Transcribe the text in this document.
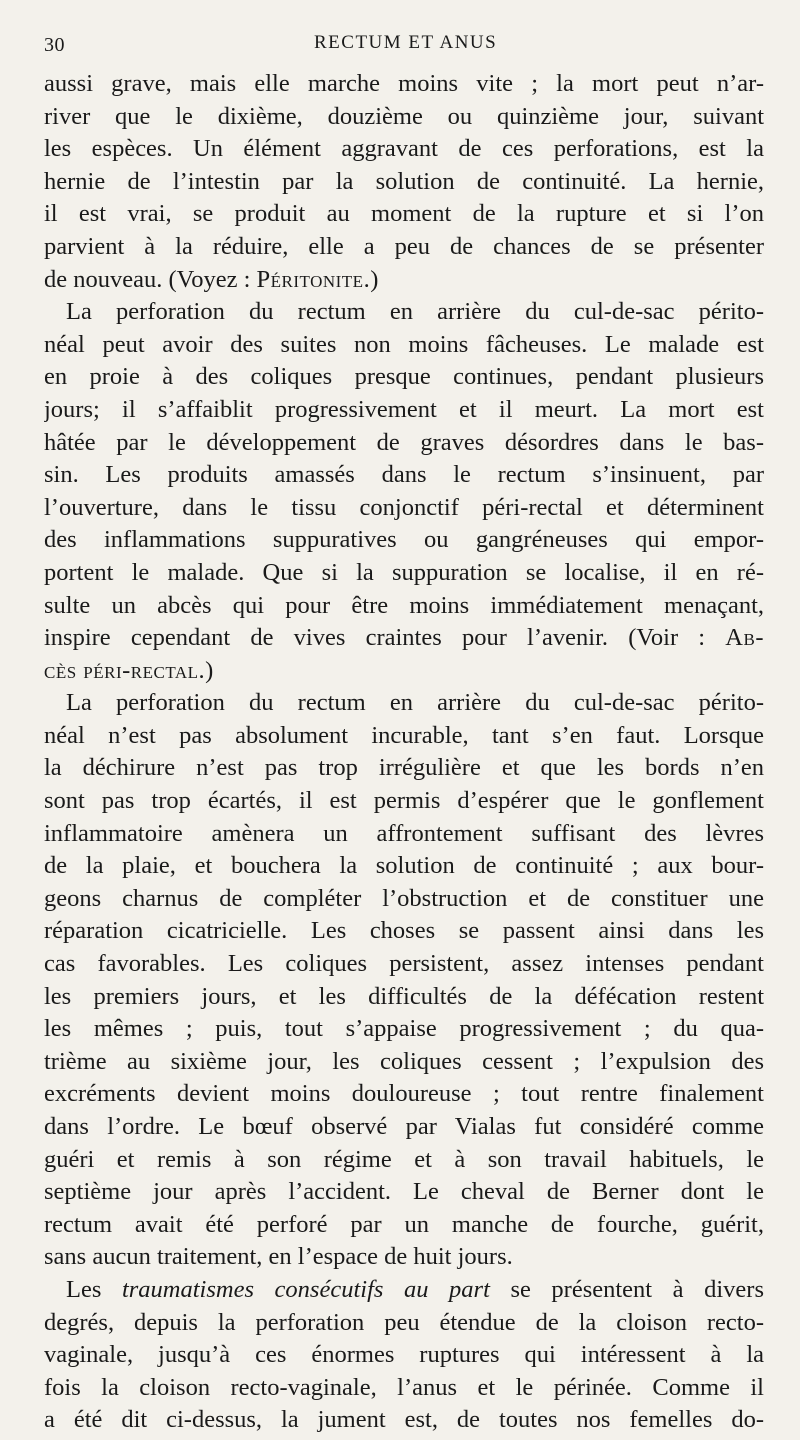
30	RECTUM ET ANUS
aussi grave, mais elle marche moins vite ; la mort peut n’ar-
river que le dixième, douzième ou quinzième jour, suivant
les espèces. Un élément aggravant de ces perforations, est la
hernie de l’intestin par la solution de continuité. La hernie,
il est vrai, se produit au moment de la rupture et si l’on
parvient à la réduire, elle a peu de chances de se présenter
de nouveau. (Voyez : Péritonite.)
La perforation du rectum en arrière du cul-de-sac périto-
néal peut avoir des suites non moins fâcheuses. Le malade est
en proie à des coliques presque continues, pendant plusieurs
jours; il s’affaiblit progressivement et il meurt. La mort est
hâtée par le développement de graves désordres dans le bas-
sin. Les produits amassés dans le rectum s’insinuent, par
l’ouverture, dans le tissu conjonctif péri-rectal et déterminent
des inflammations suppuratives ou gangréneuses qui empor-
portent le malade. Que si la suppuration se localise, il en ré-
sulte un abcès qui pour être moins immédiatement menaçant,
inspire cependant de vives craintes pour l’avenir. (Voir : Ab-
cès péri-rectal.)
La perforation du rectum en arrière du cul-de-sac périto-
néal n’est pas absolument incurable, tant s’en faut. Lorsque
la déchirure n’est pas trop irrégulière et que les bords n’en
sont pas trop écartés, il est permis d’espérer que le gonflement
inflammatoire amènera un affrontement suffisant des lèvres
de la plaie, et bouchera la solution de continuité ; aux bour-
geons charnus de compléter l’obstruction et de constituer une
réparation cicatricielle. Les choses se passent ainsi dans les
cas favorables. Les coliques persistent, assez intenses pendant
les premiers jours, et les difficultés de la défécation restent
les mêmes ; puis, tout s’appaise progressivement ; du qua-
trième au sixième jour, les coliques cessent ; l’expulsion des
excréments devient moins douloureuse ; tout rentre finalement
dans l’ordre. Le bœuf observé par Vialas fut considéré comme
guéri et remis à son régime et à son travail habituels, le
septième jour après l’accident. Le cheval de Berner dont le
rectum avait été perforé par un manche de fourche, guérit,
sans aucun traitement, en l’espace de huit jours.
Les traumatismes consécutifs au part se présentent à divers
degrés, depuis la perforation peu étendue de la cloison recto-
vaginale, jusqu’à ces énormes ruptures qui intéressent à la
fois la cloison recto-vaginale, l’anus et le périnée. Comme il
a été dit ci-dessus, la jument est, de toutes nos femelles do-
